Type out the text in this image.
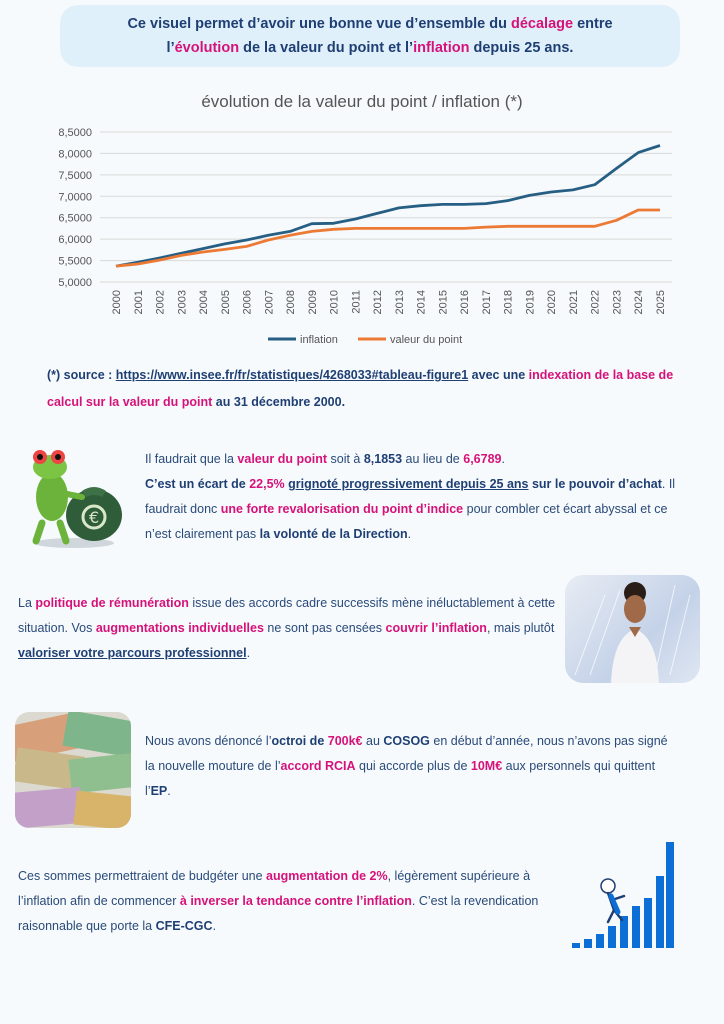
Ce visuel permet d’avoir une bonne vue d’ensemble du décalage entre
l’évolution de la valeur du point et l’inflation depuis 25 ans.
évolution de la valeur du point / inflation (*)
5,0000
5,5000
6,0000
6,5000
7,0000
7,5000
8,0000
8,5000
2000 2001 2002 2003 2004 2005 2006 2007 2008 2009 2010 2011 2012 2013 2014 2015 2016 2017 2018 2019 2020 2021 2022 2023 2024 2025
inflation	valeur du point
(*) source : https://www.insee.fr/fr/statistiques/4268033#tableau-figure1 avec une indexation de la base de calcul sur la valeur du point au 31 décembre 2000.
€
Il faudrait que la valeur du point soit à 8,1853 au lieu de 6,6789.
C’est un écart de 22,5% grignoté progressivement depuis 25 ans sur le pouvoir d’achat. Il faudrait donc une forte revalorisation du point d’indice pour combler cet écart abyssal et ce n’est clairement pas la volonté de la Direction.
La politique de rémunération issue des accords cadre successifs mène inéluctablement à cette situation. Vos augmentations individuelles ne sont pas censées couvrir l’inflation, mais plutôt valoriser votre parcours professionnel.
Nous avons dénoncé l’octroi de 700k€ au COSOG en début d’année, nous n’avons pas signé la nouvelle mouture de l’accord RCIA qui accorde plus de 10M€ aux personnels qui quittent l’EP.
Ces sommes permettraient de budgéter une augmentation de 2%, légèrement supérieure à l’inflation afin de commencer à inverser la tendance contre l’inflation. C’est la revendication raisonnable que porte la CFE-CGC.
